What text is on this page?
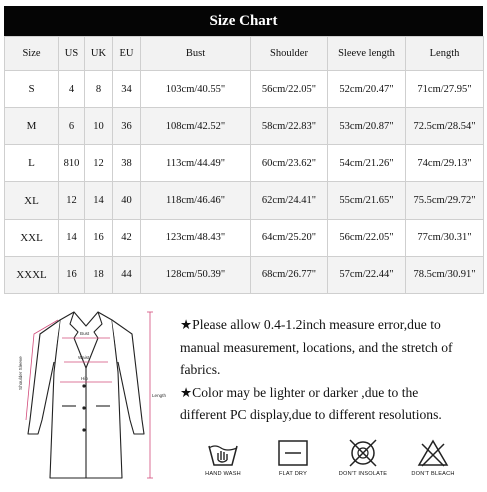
Size Chart
Size	US	UK	EU	Bust	Shoulder	Sleeve length	Length
S	4	8	34	103cm/40.55"	56cm/22.05"	52cm/20.47"	71cm/27.95"
M	6	10	36	108cm/42.52"	58cm/22.83"	53cm/20.87"	72.5cm/28.54"
L	810	12	38	113cm/44.49"	60cm/23.62"	54cm/21.26"	74cm/29.13"
XL	12	14	40	118cm/46.46"	62cm/24.41"	55cm/21.65"	75.5cm/29.72"
XXL	14	16	42	123cm/48.43"	64cm/25.20"	56cm/22.05"	77cm/30.31"
XXXL	16	18	44	128cm/50.39"	68cm/26.77"	57cm/22.44"	78.5cm/30.91"
Bust
Waist
Hip
Length
Shoulder Sleeve

★Please allow 0.4-1.2inch measure error,due to

manual measurement, locations, and the stretch of

fabrics.

★Color may be lighter or darker ,due to the

different PC display,due to different resolutions.

HAND WASH	FLAT DRY	DON'T INSOLATE	DON'T BLEACH
